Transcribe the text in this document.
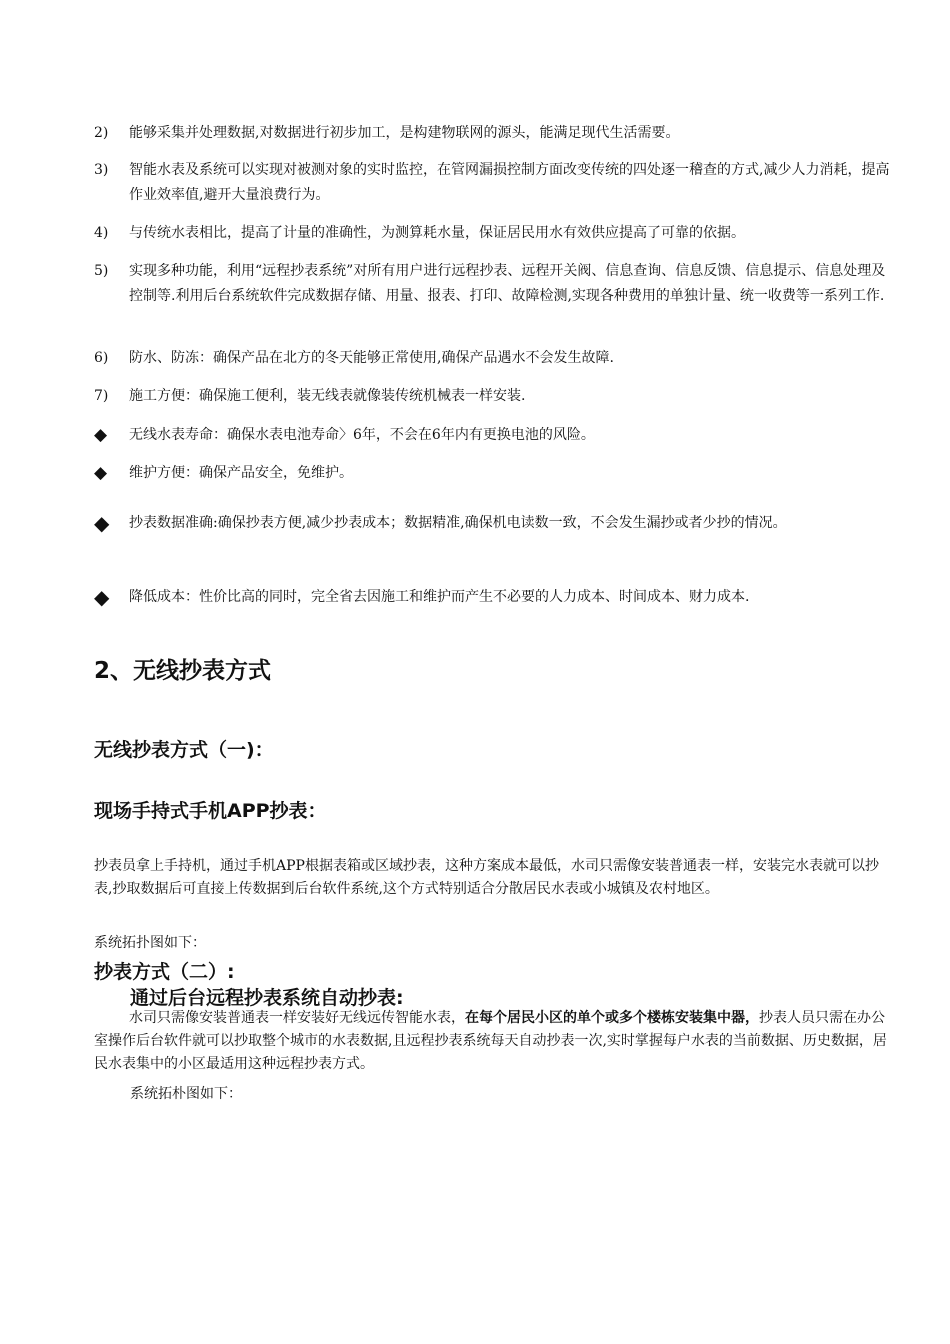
2)	能够采集并处理数据,对数据进行初步加工，是构建物联网的源头，能满足现代生活需要。
3)	智能水表及系统可以实现对被测对象的实时监控，在管网漏损控制方面改变传统的四处逐一稽查的方式,减少人力消耗，提高作业效率值,避开大量浪费行为。
4)	与传统水表相比，提高了计量的准确性，为测算耗水量，保证居民用水有效供应提高了可靠的依据。
5)	实现多种功能，利用“远程抄表系统”对所有用户进行远程抄表、远程开关阀、信息查询、信息反馈、信息提示、信息处理及控制等.利用后台系统软件完成数据存储、用量、报表、打印、故障检测,实现各种费用的单独计量、统一收费等一系列工作.
6)	防水、防冻：确保产品在北方的冬天能够正常使用,确保产品遇水不会发生故障.
7)	施工方便：确保施工便利，装无线表就像装传统机械表一样安装.
◆	无线水表寿命：确保水表电池寿命〉6年，不会在6年内有更换电池的风险。
◆	维护方便：确保产品安全，免维护。
◆	抄表数据准确:确保抄表方便,减少抄表成本；数据精准,确保机电读数一致，不会发生漏抄或者少抄的情况。
◆	降低成本：性价比高的同时，完全省去因施工和维护而产生不必要的人力成本、时间成本、财力成本.
2、无线抄表方式
无线抄表方式（一)：
现场手持式手机APP抄表：
抄表员拿上手持机，通过手机APP根据表箱或区域抄表，这种方案成本最低，水司只需像安装普通表一样，安装完水表就可以抄表,抄取数据后可直接上传数据到后台软件系统,这个方式特别适合分散居民水表或小城镇及农村地区。
系统拓扑图如下：
抄表方式（二）:
通过后台远程抄表系统自动抄表:
水司只需像安装普通表一样安装好无线远传智能水表，在每个居民小区的单个或多个楼栋安装集中器，抄表人员只需在办公室操作后台软件就可以抄取整个城市的水表数据,且远程抄表系统每天自动抄表一次,实时掌握每户水表的当前数据、历史数据，居民水表集中的小区最适用这种远程抄表方式。
系统拓朴图如下：
